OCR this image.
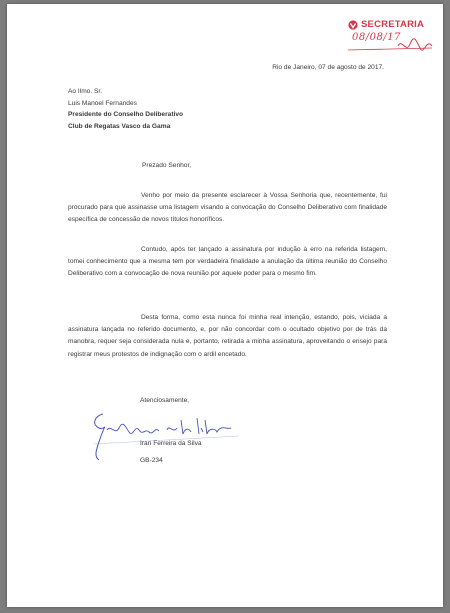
SECRETARIA
08/08/17
Rio de Janeiro, 07 de agosto de 2017.
Ao Ilmo. Sr.
Luis Manoel Fernandes
Presidente do Conselho Deliberativo
Club de Regatas Vasco da Gama
Prezado Senhor,
Venho por meio da presente esclarecer à Vossa Senhoria que, recentemente, fui procurado para que assinasse uma listagem visando a convocação do Conselho Deliberativo com finalidade específica de concessão de novos títulos honoríficos.
Contudo, após ter lançado a assinatura por indução à erro na referida listagem, tomei conhecimento que a mesma tem por verdadeira finalidade a anulação da última reunião do Conselho Deliberativo com a convocação de nova reunião por aquele poder para o mesmo fim.
Desta forma, como esta nunca foi minha real intenção, estando, pois, viciada a assinatura lançada no referido documento, e, por não concordar com o ocultado objetivo por de trás da manobra, requer seja considerada nula e, portanto, retirada a minha assinatura, aproveitando o ensejo para registrar meus protestos de indignação com o ardil encetado.
Atenciosamente,
Iran Ferreira da Silva
GB-234
